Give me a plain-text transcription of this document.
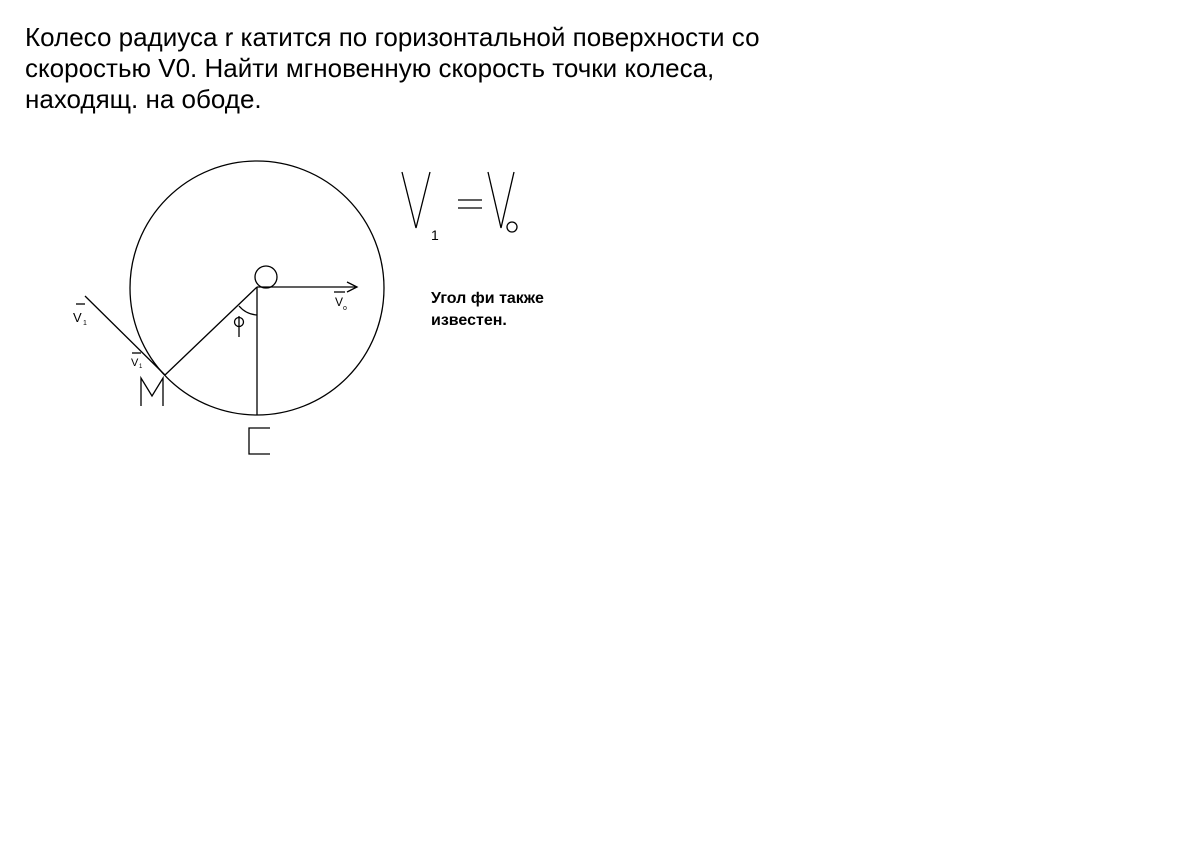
Колесо радиуса r катится по горизонтальной поверхности со
скоростью V0. Найти мгновенную скорость точки колеса,
находящ. на ободе.
Угол фи также
известен.
V o
V 1
V 1
1
